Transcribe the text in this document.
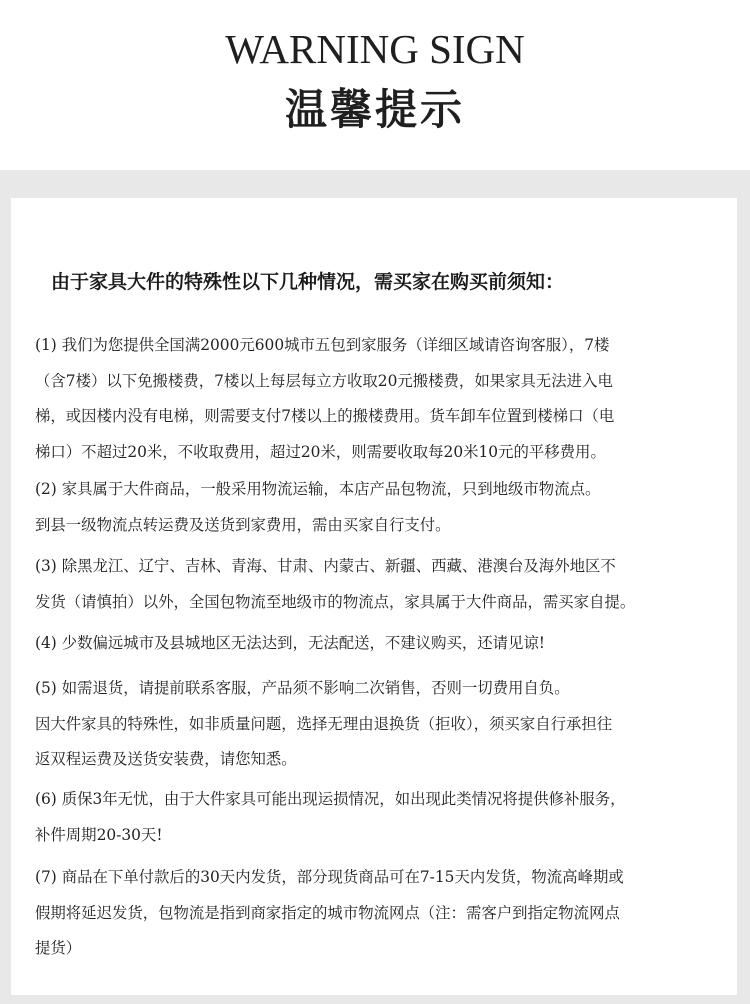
WARNING SIGN
温馨提示
由于家具大件的特殊性以下几种情况，需买家在购买前须知：
(1) 我们为您提供全国满2000元600城市五包到家服务（详细区域请咨询客服），7楼
（含7楼）以下免搬楼费，7楼以上每层每立方收取20元搬楼费，如果家具无法进入电
梯，或因楼内没有电梯，则需要支付7楼以上的搬楼费用。货车卸车位置到楼梯口（电
梯口）不超过20米，不收取费用，超过20米，则需要收取每20米10元的平移费用。
(2) 家具属于大件商品，一般采用物流运输，本店产品包物流，只到地级市物流点。
到县一级物流点转运费及送货到家费用，需由买家自行支付。
(3) 除黑龙江、辽宁、吉林、青海、甘肃、内蒙古、新疆、西藏、港澳台及海外地区不
发货（请慎拍）以外，全国包物流至地级市的物流点，家具属于大件商品，需买家自提。
(4) 少数偏远城市及县城地区无法达到，无法配送，不建议购买，还请见谅!
(5) 如需退货，请提前联系客服，产品须不影响二次销售，否则一切费用自负。
因大件家具的特殊性，如非质量问题，选择无理由退换货（拒收），须买家自行承担往
返双程运费及送货安装费，请您知悉。
(6) 质保3年无忧，由于大件家具可能出现运损情况，如出现此类情况将提供修补服务，
补件周期20-30天!
(7) 商品在下单付款后的30天内发货，部分现货商品可在7-15天内发货，物流高峰期或
假期将延迟发货，包物流是指到商家指定的城市物流网点（注：需客户到指定物流网点
提货）
